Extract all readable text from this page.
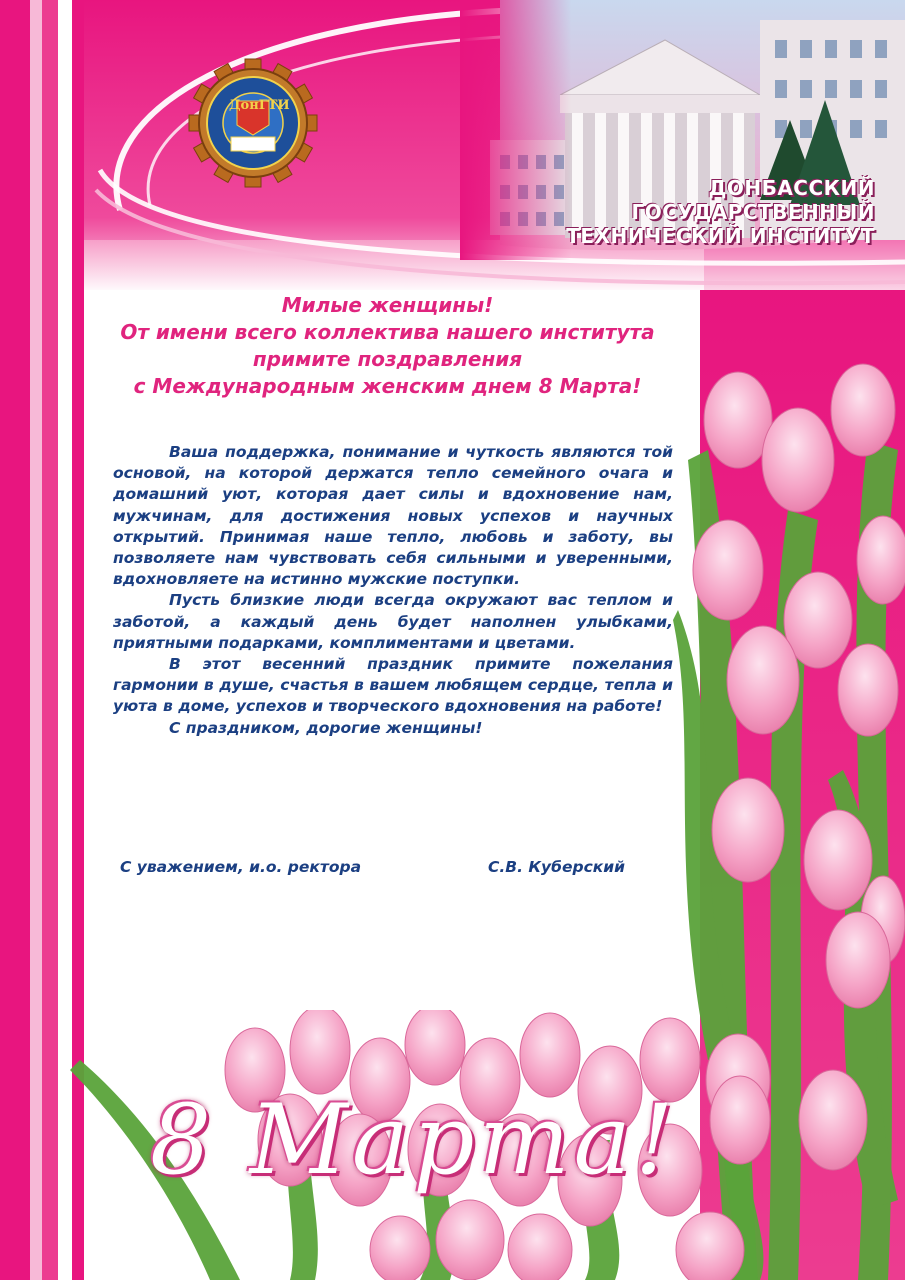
ДонГТИ
ДОНБАССКИЙ
ГОСУДАРСТВЕННЫЙ
ТЕХНИЧЕСКИЙ ИНСТИТУТ
Милые женщины!
От имени всего коллектива нашего института
примите поздравления
с Международным женским днем 8 Марта!
8 Марта!

Ваша поддержка, понимание и чуткость являются той основой, на которой держатся тепло семейного очага и домашний уют, которая дает силы и вдохновение нам, мужчинам, для достижения новых успехов и научных открытий. Принимая наше тепло, любовь и заботу, вы позволяете нам чувствовать себя сильными и уверенными, вдохновляете на истинно мужские поступки.

Пусть близкие люди всегда окружают вас теплом и заботой, а каждый день будет наполнен улыбками, приятными подарками, комплиментами и цветами.

В этот весенний праздник примите пожелания гармонии в душе, счастья в вашем любящем сердце, тепла и уюта в доме, успехов и творческого вдохновения на работе!

С праздником, дорогие женщины!

С уважением, и.о. ректора	С.В. Куберский
